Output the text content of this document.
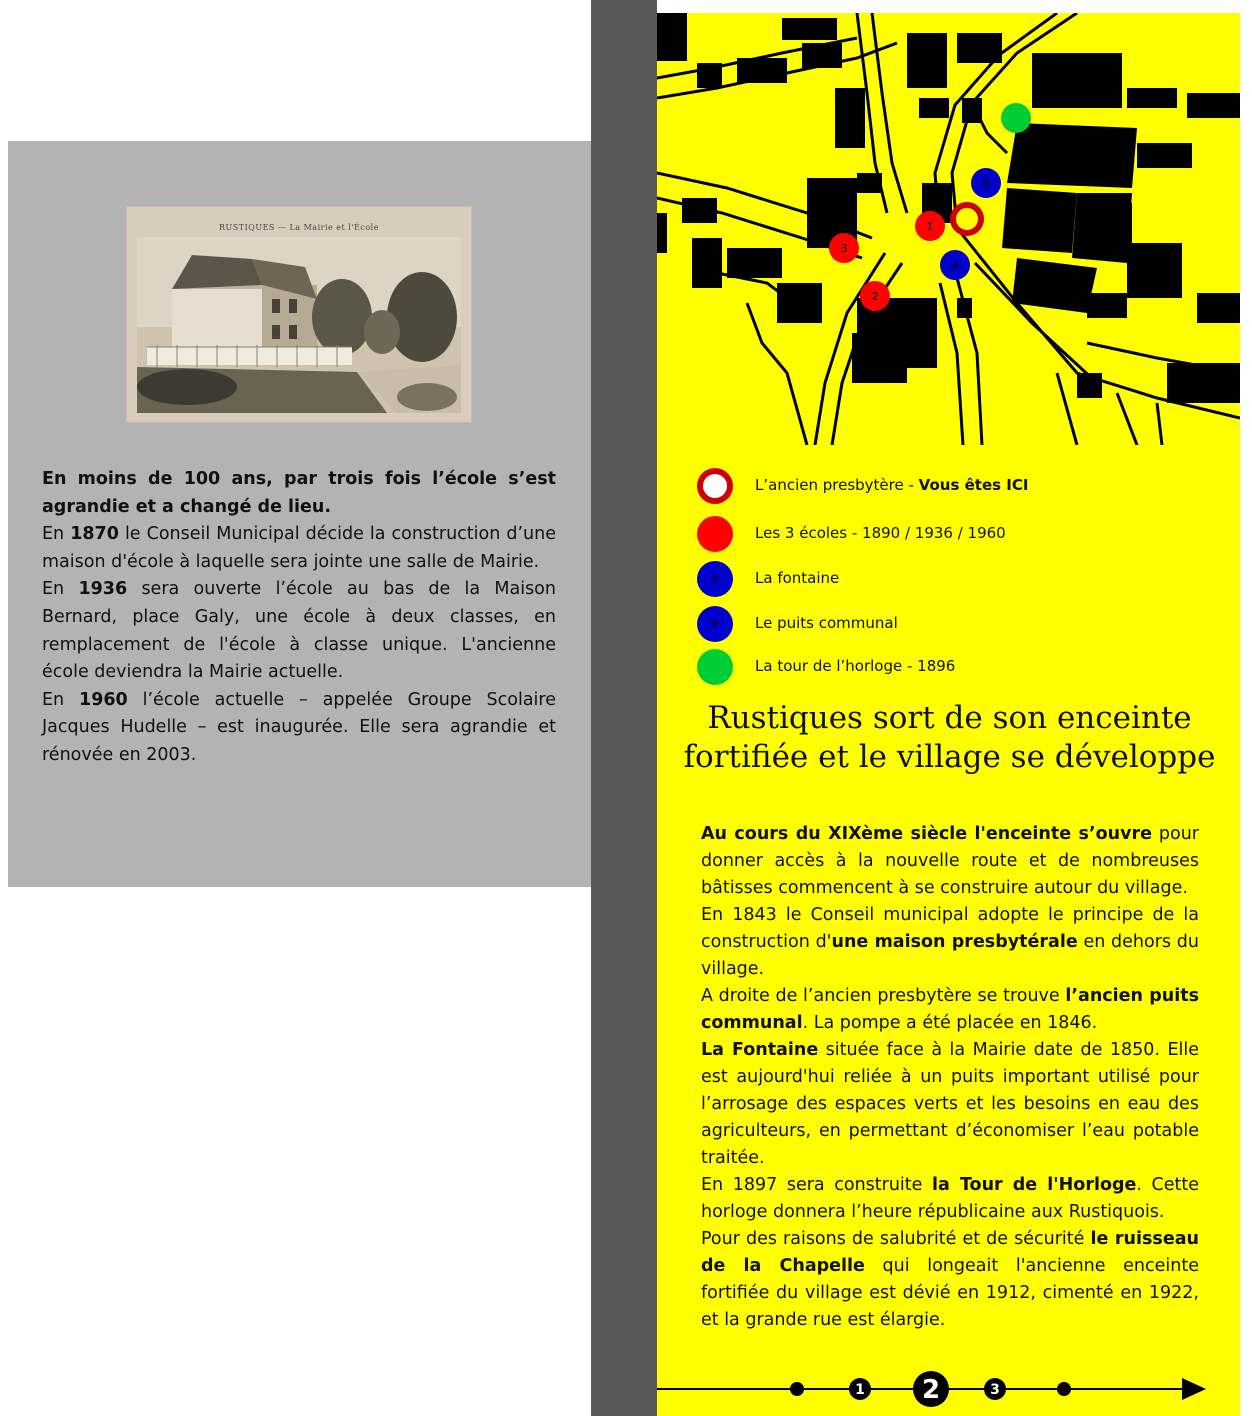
RUSTIQUES — La Mairie et l'École

En moins de 100 ans, par trois fois l’école s’est agrandie et a changé de lieu.

En 1870 le Conseil Municipal décide la construction d’une maison d'école à laquelle sera jointe une salle de Mairie.

En 1936 sera ouverte l’école au bas de la Maison Bernard, place Galy, une école à deux classes, en remplacement de l'école à classe unique. L'ancienne école deviendra la Mairie actuelle.

En 1960 l’école actuelle – appelée Groupe Scolaire Jacques Hudelle – est inaugurée. Elle sera agrandie et rénovée en 2003.

1
2
3
A
B
L’ancien presbytère - Vous êtes ICI
Les 3 écoles - 1890 / 1936 / 1960
A	La fontaine
B	Le puits communal
La tour de l’horloge - 1896
Rustiques sort de son enceinte
fortifiée et le village se développe

Au cours du XIXème siècle l'enceinte s’ouvre pour donner accès à la nouvelle route et de nombreuses bâtisses commencent à se construire autour du village.

En 1843 le Conseil municipal adopte le principe de la construction d'une maison presbytérale en dehors du village.

A droite de l’ancien presbytère se trouve l’ancien puits communal. La pompe a été placée en 1846.

La Fontaine située face à la Mairie date de 1850. Elle est aujourd'hui reliée à un puits important utilisé pour l’arrosage des espaces verts et les besoins en eau des agriculteurs, en permettant d’économiser l’eau potable traitée.

En 1897 sera construite la Tour de l'Horloge. Cette horloge donnera l’heure républicaine aux Rustiquois.

Pour des raisons de salubrité et de sécurité le ruisseau de la Chapelle qui longeait l'ancienne enceinte fortifiée du village est dévié en 1912, cimenté en 1922, et la grande rue est élargie.

1 2	3
